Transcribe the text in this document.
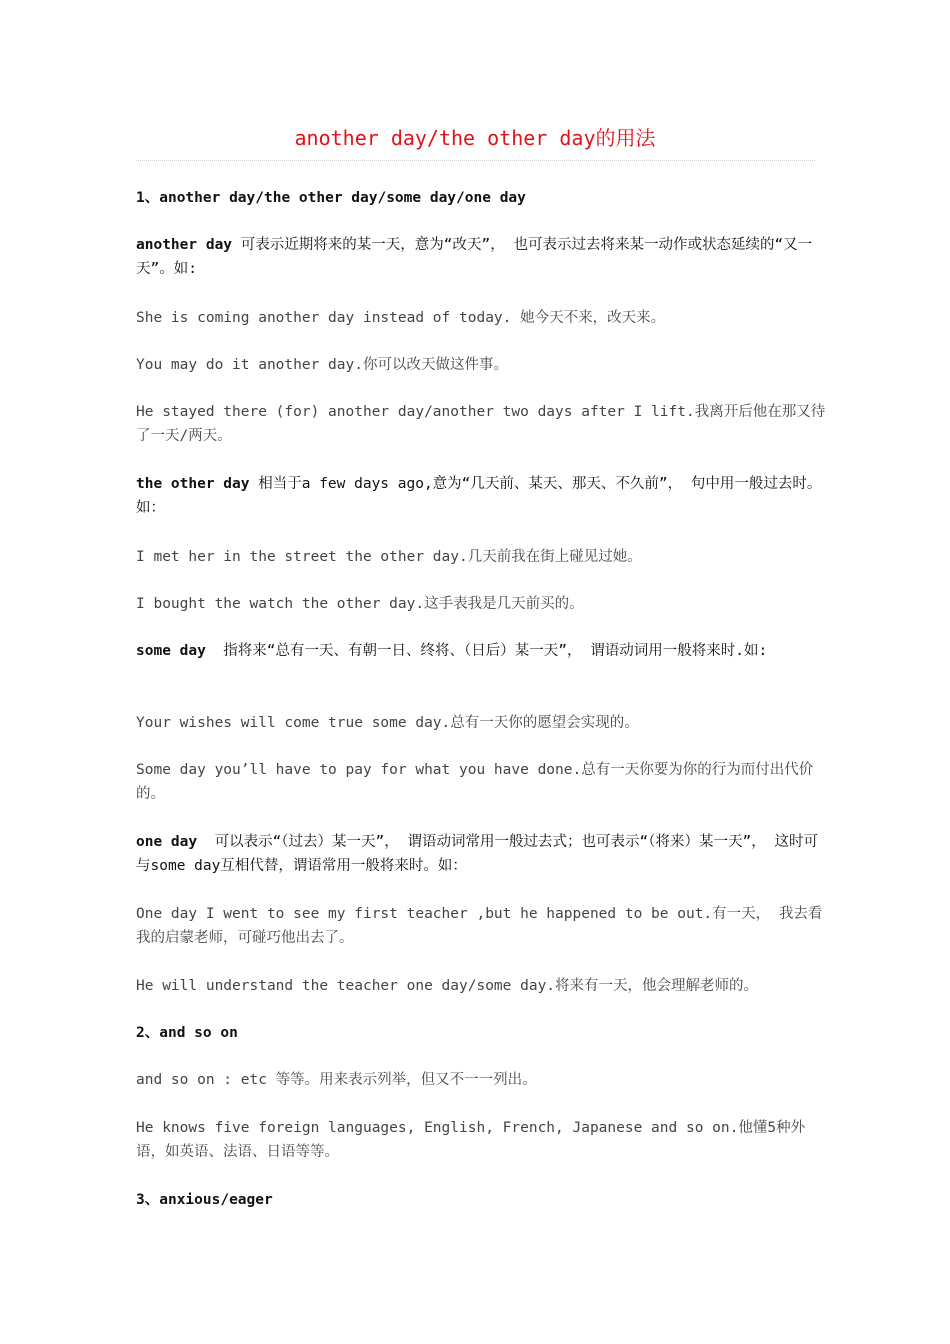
another day/the other day的用法

1、another day/the other day/some day/one day

another day 可表示近期将来的某一天，意为“改天”， 也可表示过去将来某一动作或状态延续的“又一天”。如:

She is coming another day instead of today. 她今天不来，改天来。

You may do it another day.你可以改天做这件事。

He stayed there (for) another day/another two days after I lift.我离开后他在那又待了一天/两天。

the other day 相当于a few days ago,意为“几天前、某天、那天、不久前”， 句中用一般过去时。如：

I met her in the street the other day.几天前我在街上碰见过她。

I bought the watch the other day.这手表我是几天前买的。

some day  指将来“总有一天、有朝一日、终将、（日后）某一天”， 谓语动词用一般将来时.如:

Your wishes will come true some day.总有一天你的愿望会实现的。

Some day you’ll have to pay for what you have done.总有一天你要为你的行为而付出代价的。

one day  可以表示“（过去）某一天”， 谓语动词常用一般过去式；也可表示“（将来）某一天”， 这时可与some day互相代替，谓语常用一般将来时。如：

One day I went to see my first teacher ,but he happened to be out.有一天， 我去看我的启蒙老师，可碰巧他出去了。

He will understand the teacher one day/some day.将来有一天，他会理解老师的。

2、and so on

and so on : etc 等等。用来表示列举，但又不一一列出。

He knows five foreign languages, English, French, Japanese and so on.他懂5种外语，如英语、法语、日语等等。

3、anxious/eager
